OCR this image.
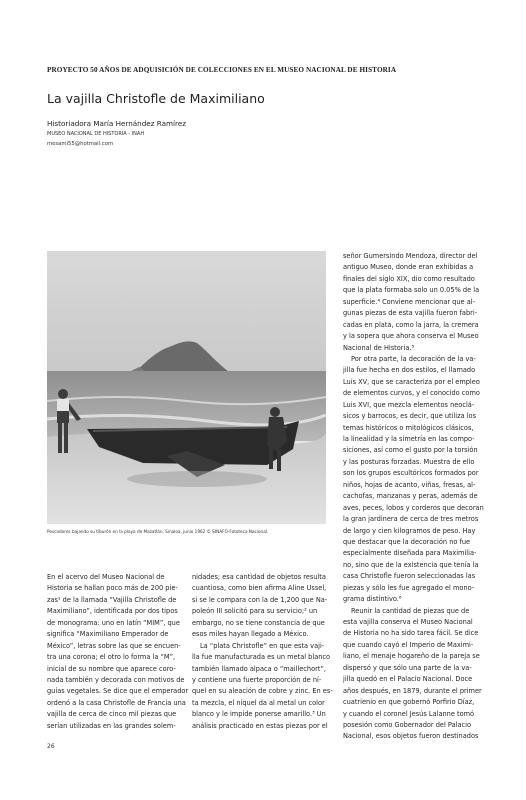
PROYECTO 50 AÑOS DE ADQUISICIÓN DE COLECCIONES EN EL MUSEO NACIONAL DE HISTORIA
La vajilla Christofle de Maximiliano
Historiadora María Hernández Ramírez
MUSEO NACIONAL DE HISTORIA - INAH
mesami55@hotmail.com
Pescadores bajando su tiburón en la playa de Mazatlán, Sinaloa, junio 1962 © SINAFO-Fototeca Nacional.
En el acervo del Museo Nacional de
Historia se hallan poco más de 200 pie-
zas¹ de la llamada “Vajilla Christofle de
Maximiliano”, identificada por dos tipos
de monograma: uno en latín “MIM”, que
significa “Maximiliano Emperador de
México”, letras sobre las que se encuen-
tra una corona; el otro lo forma la “M”,
inicial de su nombre que aparece coro-
nada también y decorada con motivos de
guías vegetales. Se dice que el emperador
ordenó a la casa Christofle de Francia una
vajilla de cerca de cinco mil piezas que
serían utilizadas en las grandes solem-
nidades; esa cantidad de objetos resulta
cuantiosa, como bien afirma Aline Ussel,
si se le compara con la de 1,200 que Na-
poleón III solicitó para su servicio;² un
embargo, no se tiene constancia de que
esos miles hayan llegado a México.
La “plata Christofle” en que esta vaji-
lla fue manufacturada es un metal blanco
también llamado alpaca o “maillechort”,
y contiene una fuerte proporción de ní-
quel en su aleación de cobre y zinc. En es-
ta mezcla, el níquel da al metal un color
blanco y le impide ponerse amarillo.³ Un
análisis practicado en estas piezas por el
señor Gumersindo Mendoza, director del
antiguo Museo, donde eran exhibidas a
finales del siglo XIX, dio como resultado
que la plata formaba solo un 0.05% de la
superficie.⁴ Conviene mencionar que al-
gunas piezas de esta vajilla fueron fabri-
cadas en plata, como la jarra, la cremera
y la sopera que ahora conserva el Museo
Nacional de Historia.⁵
Por otra parte, la decoración de la va-
jilla fue hecha en dos estilos, el llamado
Luis XV, que se caracteriza por el empleo
de elementos curvos, y el conocido como
Luis XVI, que mezcla elementos neoclá-
sicos y barrocos, es decir, que utiliza los
temas históricos o mitológicos clásicos,
la linealidad y la simetría en las compo-
siciones, así como el gusto por la torsión
y las posturas forzadas. Muestra de ello
son los grupos escultóricos formados por
niños, hojas de acanto, viñas, fresas, al-
cachofas, manzanas y peras, además de
aves, peces, lobos y corderos que decoran
la gran jardinera de cerca de tres metros
de largo y cien kilogramos de peso. Hay
que destacar que la decoración no fue
especialmente diseñada para Maximilia-
no, sino que de la existencia que tenía la
casa Christofle fueron seleccionadas las
piezas y sólo les fue agregado el mono-
grama distintivo.⁶
Reunir la cantidad de piezas que de
esta vajilla conserva el Museo Nacional
de Historia no ha sido tarea fácil. Se dice
que cuando cayó el Imperio de Maximi-
liano, el menaje hogareño de la pareja se
dispersó y que sólo una parte de la va-
jilla quedó en el Palacio Nacional. Doce
años después, en 1879, durante el primer
cuatrienio en que gobernó Porfirio Díaz,
y cuando el coronel Jesús Lalanne tomó
posesión como Gobernador del Palacio
Nacional, esos objetos fueron destinados
26
